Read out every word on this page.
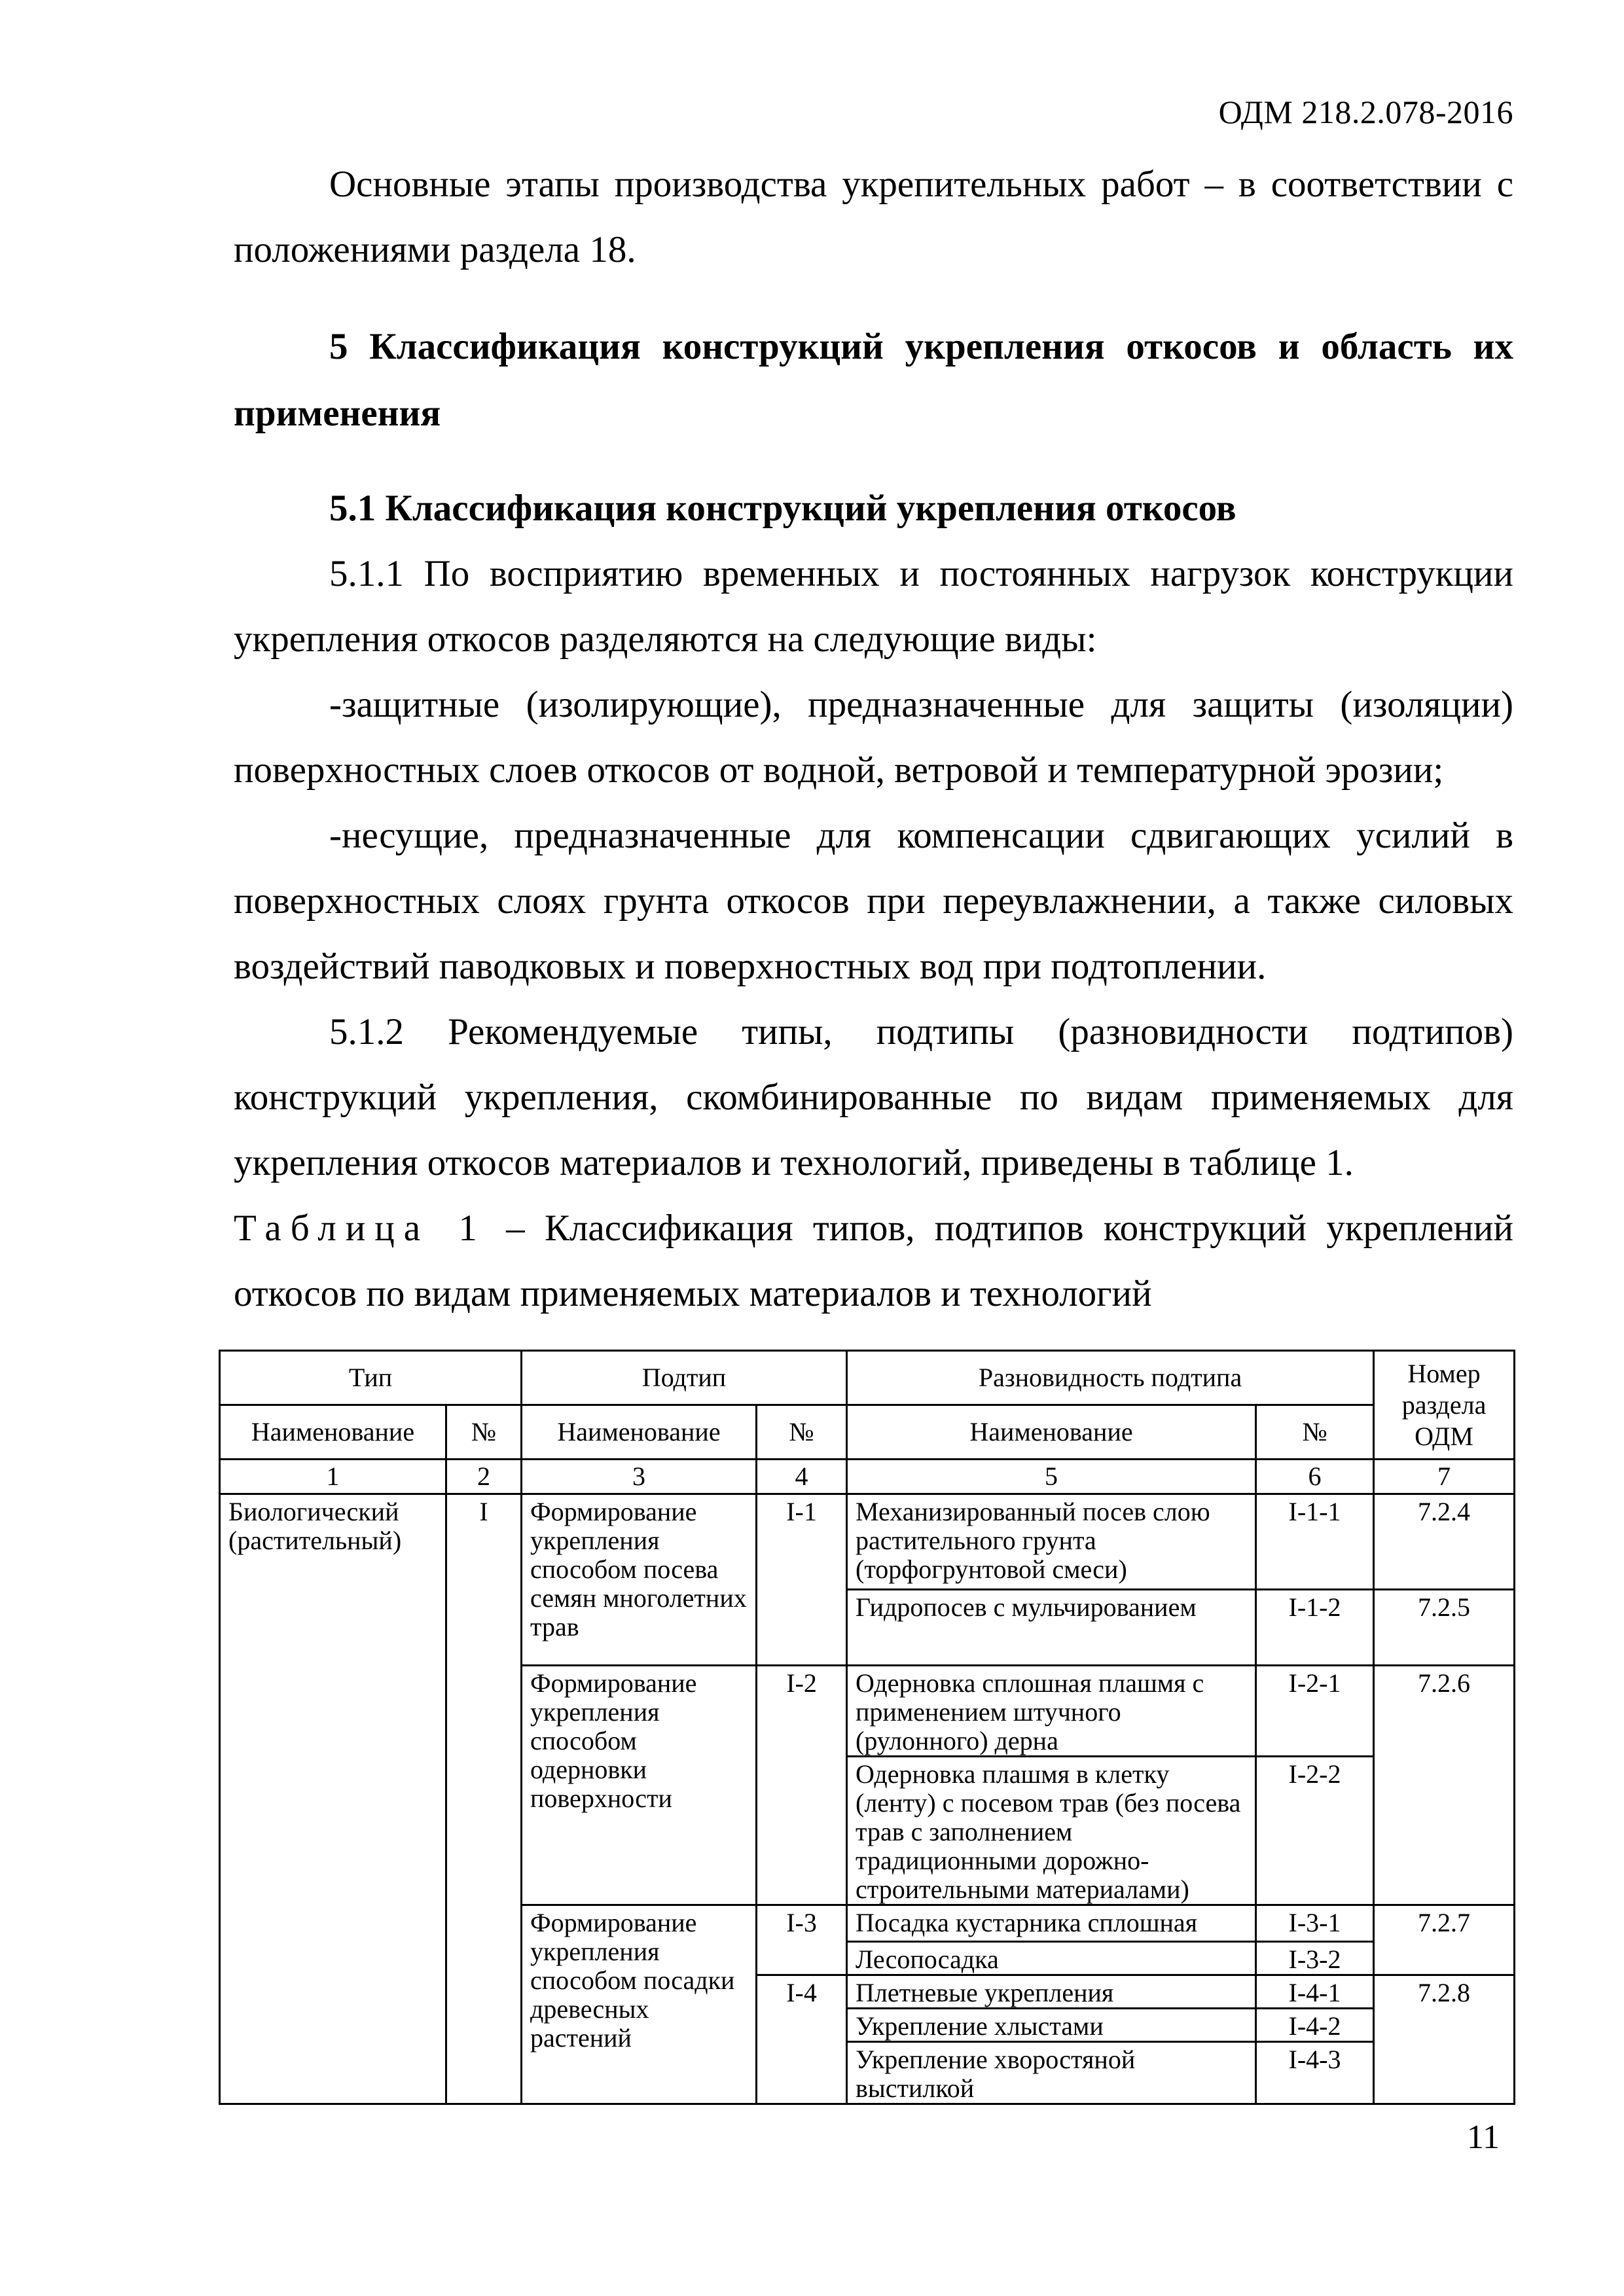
ОДМ 218.2.078-2016

Основные этапы производства укрепительных работ – в соответствии с положениями раздела 18.

5 Классификация конструкций укрепления откосов и область их применения

5.1 Классификация конструкций укрепления откосов

5.1.1 По восприятию временных и постоянных нагрузок конструкции укрепления откосов разделяются на следующие виды:

-защитные (изолирующие), предназначенные для защиты (изоляции) поверхностных слоев откосов от водной, ветровой и температурной эрозии;

-несущие, предназначенные для компенсации сдвигающих усилий в поверхностных слоях грунта откосов при переувлажнении, а также силовых воздействий паводковых и поверхностных вод при подтоплении.

5.1.2 Рекомендуемые типы, подтипы (разновидности подтипов) конструкций укрепления, скомбинированные по видам применяемых для укрепления откосов материалов и технологий, приведены в таблице 1.

Таблица 1 – Классификация типов, подтипов конструкций укреплений откосов по видам применяемых материалов и технологий

Тип		Подтип		Разновидность подтипа		Номер раздела ОДМ
Наименование	№	Наименование	№	Наименование	№	
1	2	3	4	5	6	7
Биологический (растительный)	I	Формирование укрепления способом посева семян многолетних трав	I-1	Механизированный посев слою растительного грунта (торфогрунтовой смеси)	I-1-1	7.2.4
				Гидропосев с мульчированием	I-1-2	7.2.5
		Формирование укрепления способом одерновки поверхности	I-2	Одерновка сплошная плашмя с применением штучного (рулонного) дерна	I-2-1	7.2.6
				Одерновка плашмя в клетку (ленту) с посевом трав (без посева трав с заполнением традиционными дорожно-строительными материалами)	I-2-2	
		Формирование укрепления способом посадки древесных растений	I-3	Посадка кустарника сплошная	I-3-1	7.2.7
				Лесопосадка	I-3-2	
			I-4	Плетневые укрепления	I-4-1	7.2.8
				Укрепление хлыстами	I-4-2	
				Укрепление хворостяной выстилкой	I-4-3	
11
